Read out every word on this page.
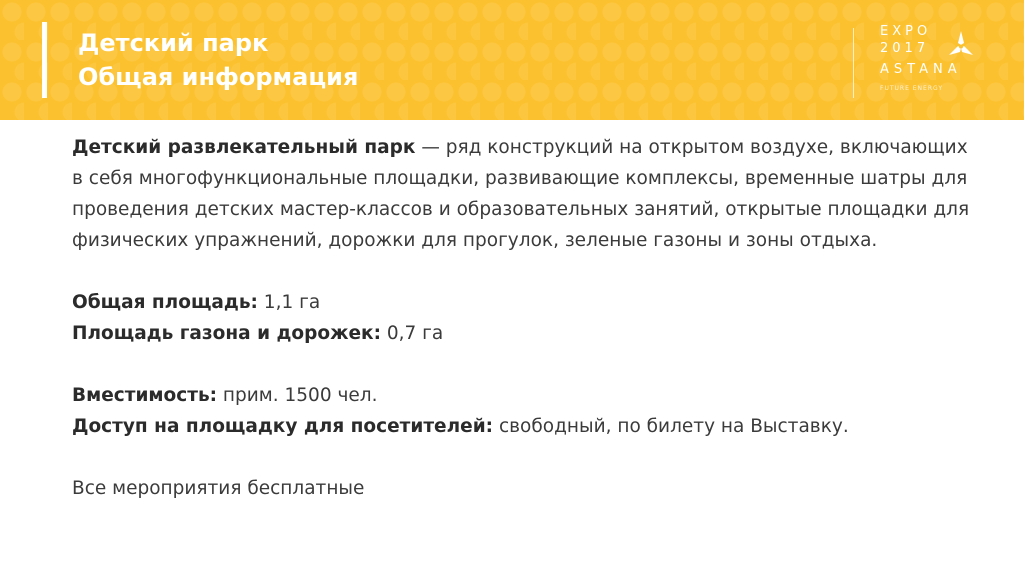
Детский парк
Общая информация
EXPO
2017
ASTANA
FUTURE ENERGY

Детский развлекательный парк — ряд конструкций на открытом воздухе, включающих в себя многофункциональные площадки, развивающие комплексы, временные шатры для проведения детских мастер-классов и образовательных занятий, открытые площадки для физических упражнений, дорожки для прогулок, зеленые газоны и зоны отдыха.

Общая площадь: 1,1 га

Площадь газона и дорожек: 0,7 га

Вместимость: прим. 1500 чел.

Доступ на площадку для посетителей: свободный, по билету на Выставку.

Все мероприятия бесплатные
